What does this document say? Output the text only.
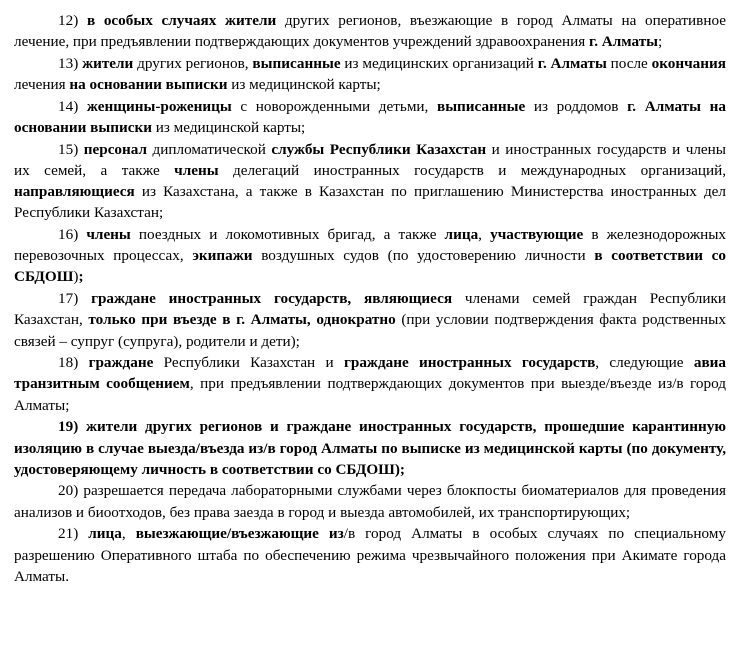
12) в особых случаях жители других регионов, въезжающие в город Алматы на оперативное лечение, при предъявлении подтверждающих документов учреждений здравоохранения г. Алматы;

13) жители других регионов, выписанные из медицинских организаций г. Алматы после окончания лечения на основании выписки из медицинской карты;

14) женщины-роженицы с новорожденными детьми, выписанные из роддомов г. Алматы на основании выписки из медицинской карты;

15) персонал дипломатической службы Республики Казахстан и иностранных государств и члены их семей, а также члены делегаций иностранных государств и международных организаций, направляющиеся из Казахстана, а также в Казахстан по приглашению Министерства иностранных дел Республики Казахстан;

16) члены поездных и локомотивных бригад, а также лица, участвующие в железнодорожных перевозочных процессах, экипажи воздушных судов (по удостоверению личности в соответствии со СБДОШ);

17) граждане иностранных государств, являющиеся членами семей граждан Республики Казахстан, только при въезде в г. Алматы, однократно (при условии подтверждения факта родственных связей – супруг (супруга), родители и дети);

18) граждане Республики Казахстан и граждане иностранных государств, следующие авиа транзитным сообщением, при предъявлении подтверждающих документов при выезде/въезде из/в город Алматы;

19) жители других регионов и граждане иностранных государств, прошедшие карантинную изоляцию в случае выезда/въезда из/в город Алматы по выписке из медицинской карты (по документу, удостоверяющему личность в соответствии со СБДОШ);

20) разрешается передача лабораторными службами через блокпосты биоматериалов для проведения анализов и биоотходов, без права заезда в город и выезда автомобилей, их транспортирующих;

21) лица, выезжающие/въезжающие из/в город Алматы в особых случаях по специальному разрешению Оперативного штаба по обеспечению режима чрезвычайного положения при Акимате города Алматы.
